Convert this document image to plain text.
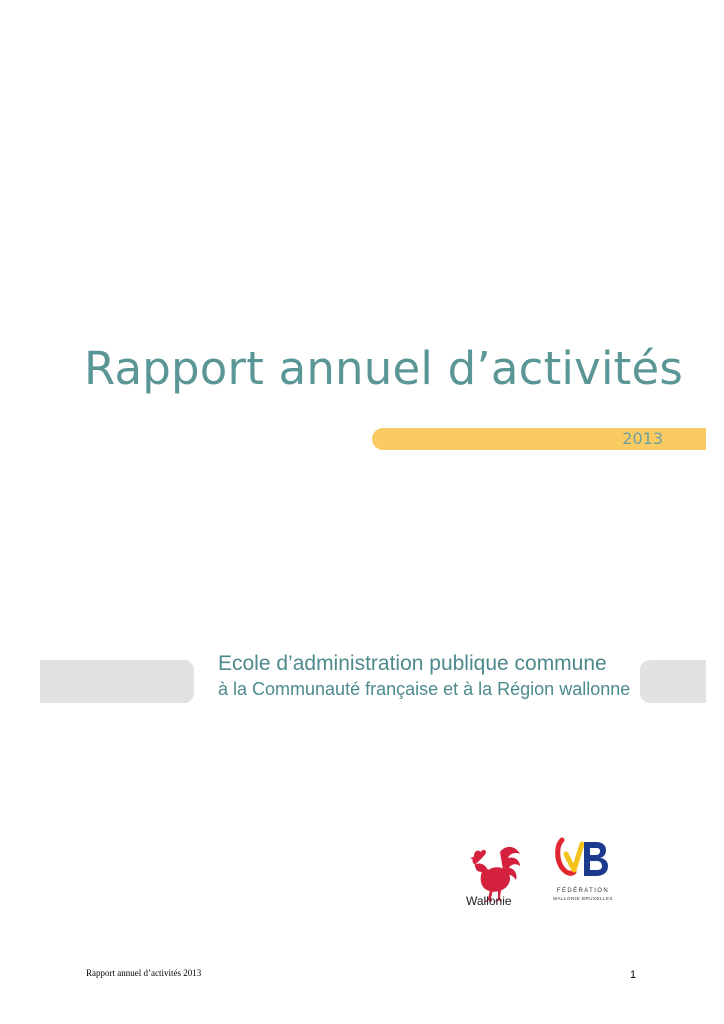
Rapport annuel d’activités
2013
Ecole d’administration publique commune
à la Communauté française et à la Région wallonne
Wallonie
FÉDÉRATION
WALLONIE-BRUXELLES
Rapport annuel d’activités 2013	1
